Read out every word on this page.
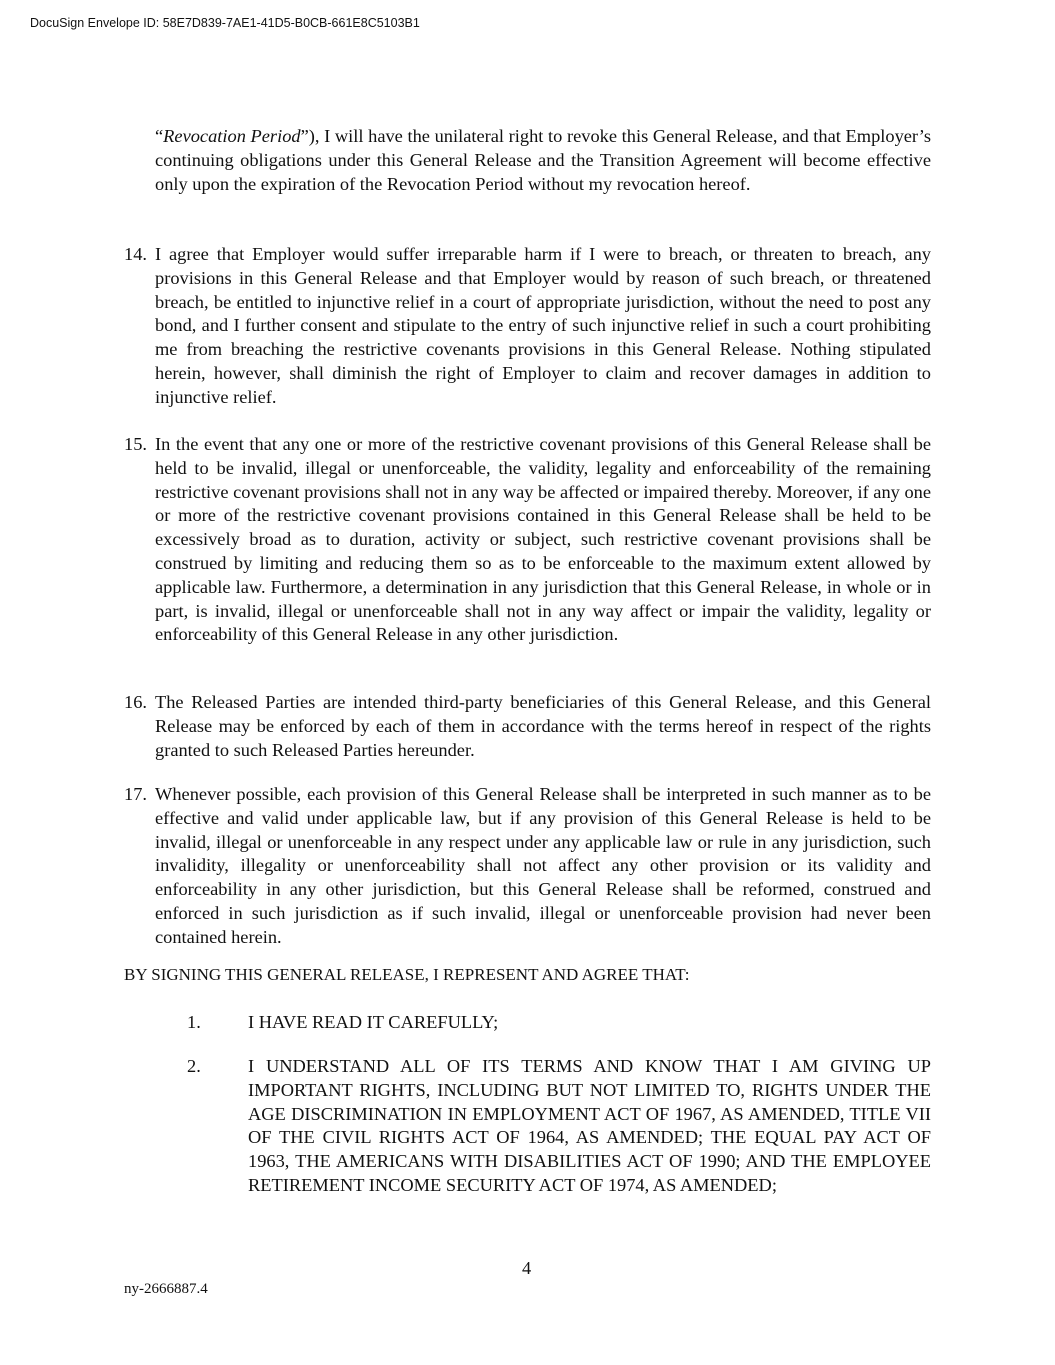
DocuSign Envelope ID: 58E7D839-7AE1-41D5-B0CB-661E8C5103B1
“Revocation Period”), I will have the unilateral right to revoke this General Release, and that Employer’s continuing obligations under this General Release and the Transition Agreement will become effective only upon the expiration of the Revocation Period without my revocation hereof.
14. I agree that Employer would suffer irreparable harm if I were to breach, or threaten to breach, any provisions in this General Release and that Employer would by reason of such breach, or threatened breach, be entitled to injunctive relief in a court of appropriate jurisdiction, without the need to post any bond, and I further consent and stipulate to the entry of such injunctive relief in such a court prohibiting me from breaching the restrictive covenants provisions in this General Release. Nothing stipulated herein, however, shall diminish the right of Employer to claim and recover damages in addition to injunctive relief.
15. In the event that any one or more of the restrictive covenant provisions of this General Release shall be held to be invalid, illegal or unenforceable, the validity, legality and enforceability of the remaining restrictive covenant provisions shall not in any way be affected or impaired thereby. Moreover, if any one or more of the restrictive covenant provisions contained in this General Release shall be held to be excessively broad as to duration, activity or subject, such restrictive covenant provisions shall be construed by limiting and reducing them so as to be enforceable to the maximum extent allowed by applicable law. Furthermore, a determination in any jurisdiction that this General Release, in whole or in part, is invalid, illegal or unenforceable shall not in any way affect or impair the validity, legality or enforceability of this General Release in any other jurisdiction.
16. The Released Parties are intended third-party beneficiaries of this General Release, and this General Release may be enforced by each of them in accordance with the terms hereof in respect of the rights granted to such Released Parties hereunder.
17. Whenever possible, each provision of this General Release shall be interpreted in such manner as to be effective and valid under applicable law, but if any provision of this General Release is held to be invalid, illegal or unenforceable in any respect under any applicable law or rule in any jurisdiction, such invalidity, illegality or unenforceability shall not affect any other provision or its validity and enforceability in any other jurisdiction, but this General Release shall be reformed, construed and enforced in such jurisdiction as if such invalid, illegal or unenforceable provision had never been contained herein.
BY SIGNING THIS GENERAL RELEASE, I REPRESENT AND AGREE THAT:
1.	I HAVE READ IT CAREFULLY;
2.	I UNDERSTAND ALL OF ITS TERMS AND KNOW THAT I AM GIVING UP IMPORTANT RIGHTS, INCLUDING BUT NOT LIMITED TO, RIGHTS UNDER THE AGE DISCRIMINATION IN EMPLOYMENT ACT OF 1967, AS AMENDED, TITLE VII OF THE CIVIL RIGHTS ACT OF 1964, AS AMENDED; THE EQUAL PAY ACT OF 1963, THE AMERICANS WITH DISABILITIES ACT OF 1990; AND THE EMPLOYEE RETIREMENT INCOME SECURITY ACT OF 1974, AS AMENDED;
4
ny-2666887.4
